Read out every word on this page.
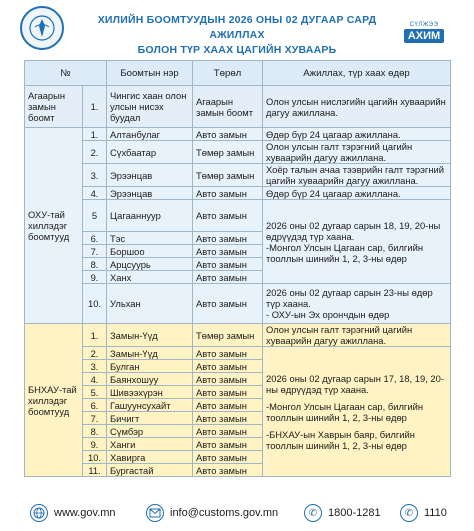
ХИЛИЙН БООМТУУДЫН 2026 ОНЫ 02 ДУГААР САРД АЖИЛЛАХ
БОЛОН ТҮР ХААХ ЦАГИЙН ХУВААРЬ
СҮЛЖЭЭ
АХИМ
№		Боомтын нэр	Төрөл	Ажиллах, түр хаах өдөр
Агаарын замын боомт	1.	Чингис хаан олон улсын нисэх буудал	Агаарын замын боомт	Олон улсын нислэгийн цагийн хуваарийн дагуу ажиллана.
ОХУ-тай хиллэдэг боомтууд	1.	Алтанбулаг	Авто замын	Өдөр бүр 24 цагаар ажиллана.
	2.	Сүхбаатар	Төмөр замын	Олон улсын галт тэрэгний цагийн хуваарийн дагуу ажиллана.
	3.	Эрээнцав	Төмөр замын	Хоёр талын ачаа тээврийн галт тэрэгний цагийн хуваарийн дагуу ажиллана.
	4.	Эрээнцав	Авто замын	Өдөр бүр 24 цагаар ажиллана.
	5	Цагааннуур	Авто замын	2026 оны 02 дугаар сарын 18, 19, 20-ны өдрүүдэд түр хаана.
-Монгол Улсын Цагаан сар, билгийн тооллын шинийн 1, 2, 3-ны өдөр

	6.	Тэс	Авто замын	
	7.	Боршоо	Авто замын	
	8.	Арцсуурь	Авто замын	
	9.	Ханх	Авто замын	
	10.	Ульхан	Авто замын	2026 оны 02 дугаар сарын 23-ны өдөр түр хаана.
- ОХУ-ын Эх орончдын өдөр

БНХАУ-тай хиллэдэг боомтууд	1.	Замын-Үүд	Төмөр замын	Олон улсын галт тэрэгний цагийн хуваарийн дагуу ажиллана.
	2.	Замын-Үүд	Авто замын	2026 оны 02 дугаар сарын 17, 18, 19, 20-ны өдрүүдэд түр хаана.
-Монгол Улсын Цагаан сар, билгийн тооллын шинийн 1, 2, 3-ны өдөр
-БНХАУ-ын Хаврын баяр, билгийн тооллын шинийн 1, 2, 3-ны өдөр

	3.	Булган	Авто замын	
	4.	Баянхошуу	Авто замын	
	5.	Шивээхүрэн	Авто замын	
	6.	Гашуунсухайт	Авто замын	
	7.	Бичигт	Авто замын	
	8.	Сүмбэр	Авто замын	
	9.	Ханги	Авто замын	
	10.	Хавирга	Авто замын	
	11.	Бургастай	Авто замын	
www.gov.mn	info@customs.gov.mn	✆ 1800-1281	✆ 1110
